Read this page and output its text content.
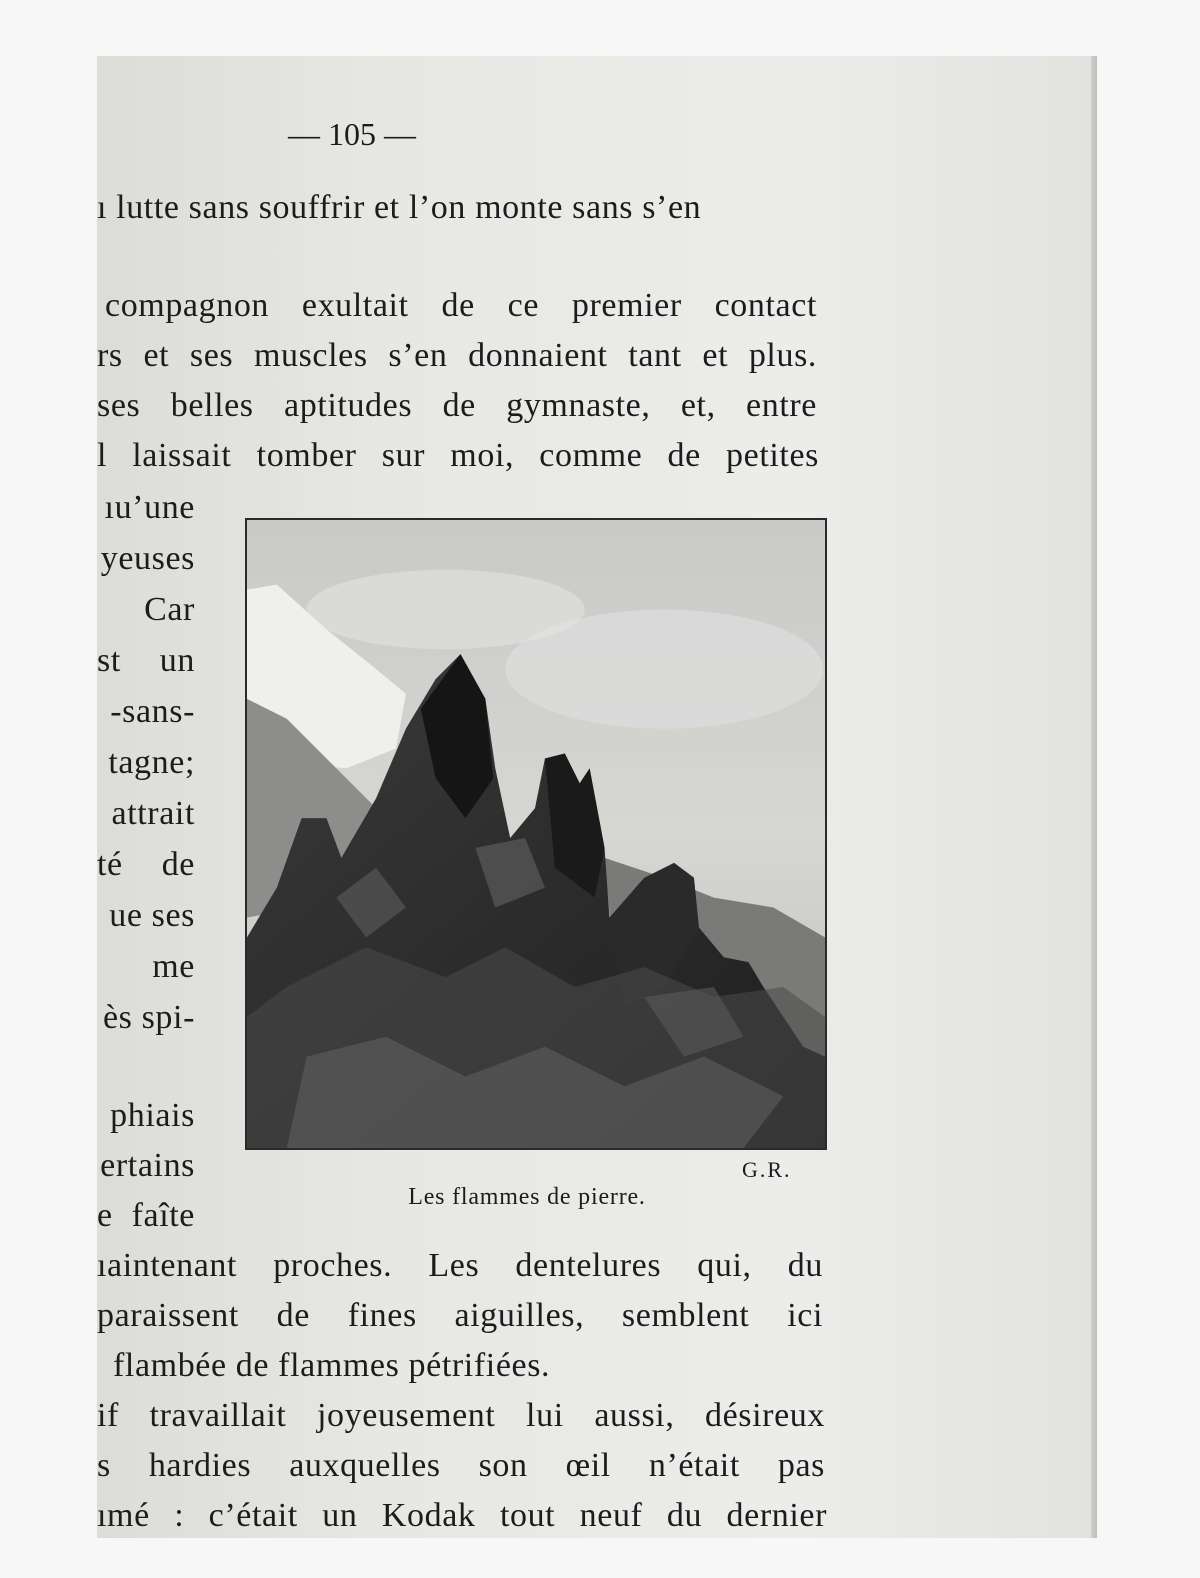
— 105 —
ı lutte sans souffrir et l’on monte sans s’en
compagnon exultait de ce premier contact
rs et ses muscles s’en donnaient tant et plus.
ses belles aptitudes de gymnaste, et, entre
l laissait tomber sur moi, comme de petites
ıu’une
yeuses
Car
st un
-sans-
tagne;
attrait
té de
ue ses
me
ès spi-
phiais
ertains
e faîte
G.R.
Les flammes de pierre.
ıaintenant proches. Les dentelures qui, du
paraissent de fines aiguilles, semblent ici
flambée de flammes pétrifiées.
if travaillait joyeusement lui aussi, désireux
s hardies auxquelles son œil n’était pas
ımé : c’était un Kodak tout neuf du dernier
